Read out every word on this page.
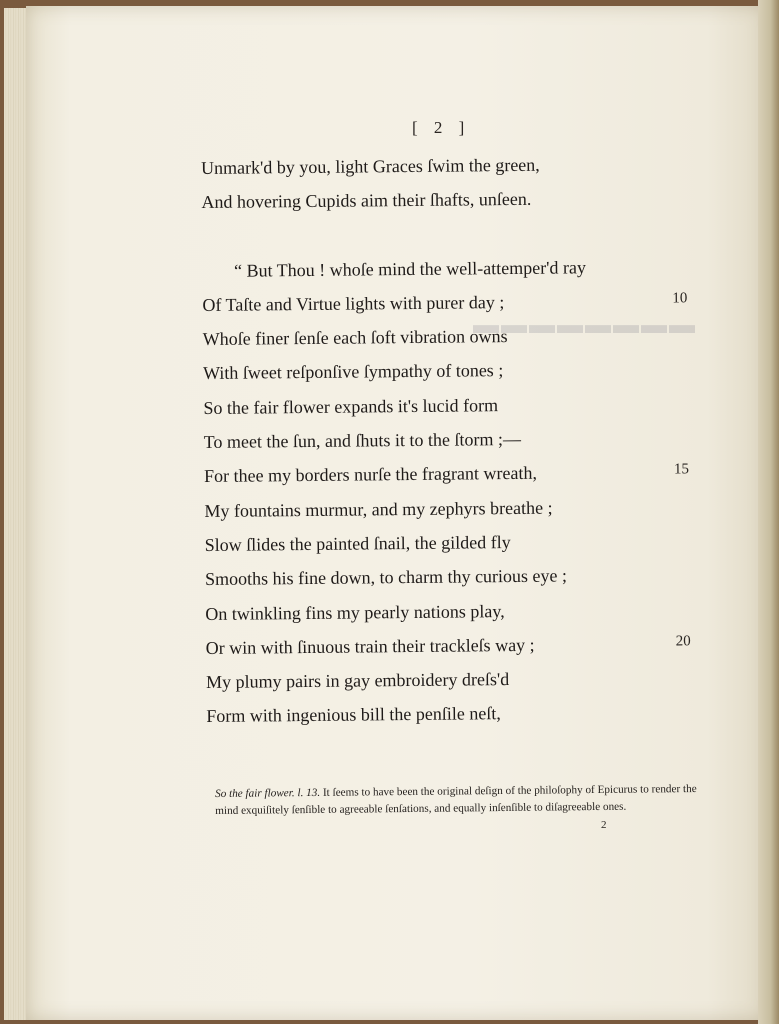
[ 2 ]
Unmark'd by you, light Graces ſwim the green,
And hovering Cupids aim their ſhafts, unſeen.
“ But Thou ! whoſe mind the well-attemper'd ray
Of Taſte and Virtue lights with purer day ;	10
Whoſe finer ſenſe each ſoft vibration owns
With ſweet reſponſive ſympathy of tones ;
So the fair flower expands it's lucid form
To meet the ſun, and ſhuts it to the ſtorm ;—
For thee my borders nurſe the fragrant wreath,	15
My fountains murmur, and my zephyrs breathe ;
Slow ſlides the painted ſnail, the gilded fly
Smooths his fine down, to charm thy curious eye ;
On twinkling fins my pearly nations play,
Or win with ſinuous train their trackleſs way ;	20
My plumy pairs in gay embroidery dreſs'd
Form with ingenious bill the penſile neſt,
So the fair flower. l. 13. It ſeems to have been the original deſign of the philoſophy of Epicurus to render the mind exquiſitely ſenſible to agreeable ſenſations, and equally inſenſible to diſagreeable ones.
2
